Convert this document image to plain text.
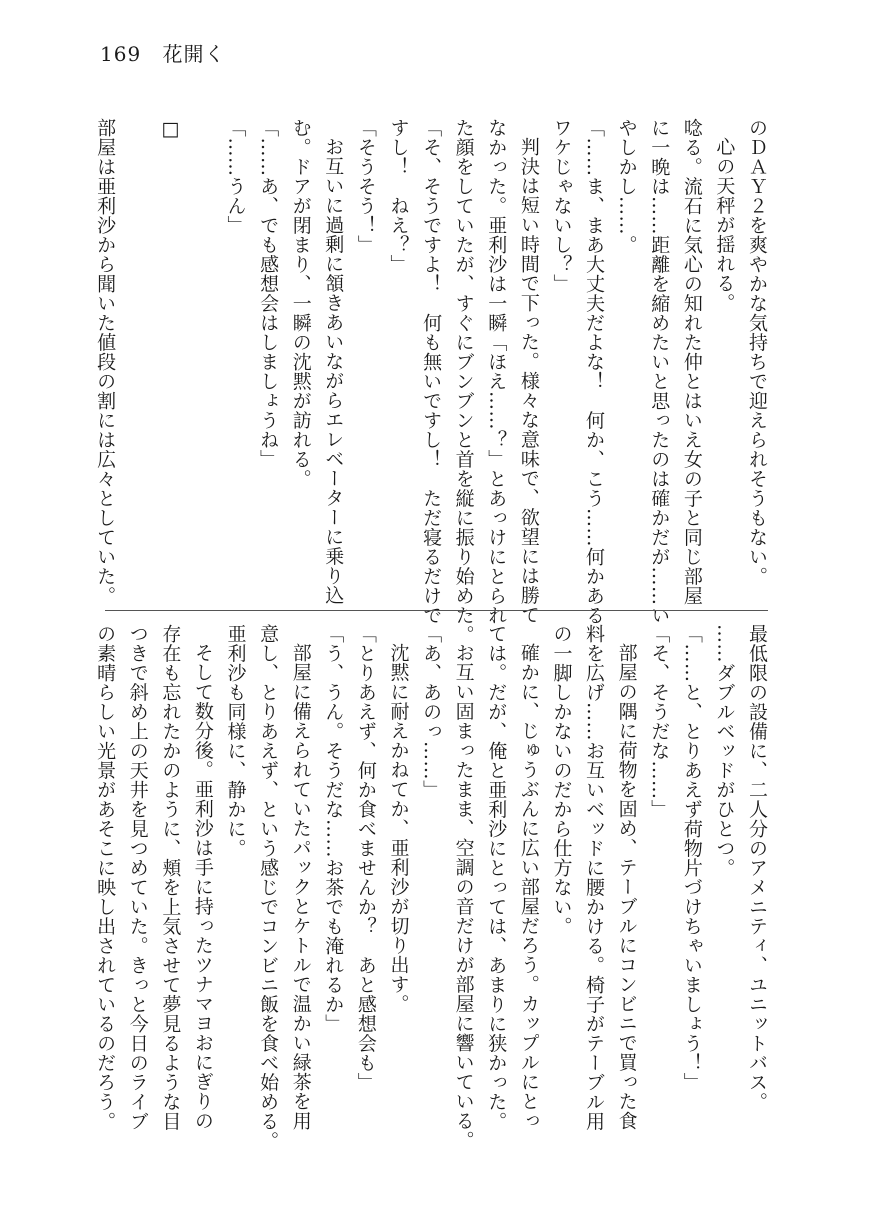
169 花開く
のＤＡＹ２を爽やかな気持ちで迎えられそうもない。
心の天秤が揺れる。
唸る。流石に気心の知れた仲とはいえ女の子と同じ部屋
に一晩は……距離を縮めたいと思ったのは確かだが……い
やしかし……。
「……ま、まあ大丈夫だよな！　何か、こう……何かある
ワケじゃないし？」
判決は短い時間で下った。様々な意味で、欲望には勝て
なかった。亜利沙は一瞬「ほえ……？」とあっけにとられ
た顔をしていたが、すぐにブンブンと首を縦に振り始めた。
「そ、そうですよ！　何も無いですし！　ただ寝るだけで
すし！　ねえ？」
「そうそう！」
お互いに過剰に頷きあいながらエレベーターに乗り込
む。ドアが閉まり、一瞬の沈黙が訪れる。
「……あ、でも感想会はしましょうね」
「……うん」

□

部屋は亜利沙から聞いた値段の割には広々としていた。
最低限の設備に、二人分のアメニティ、ユニットバス。
……ダブルベッドがひとつ。
「……と、とりあえず荷物片づけちゃいましょう！」
「そ、そうだな……」
部屋の隅に荷物を固め、テーブルにコンビニで買った食
料を広げ……お互いベッドに腰かける。椅子がテーブル用
の一脚しかないのだから仕方ない。
確かに、じゅうぶんに広い部屋だろう。カップルにとっ
ては。だが、俺と亜利沙にとっては、あまりに狭かった。
お互い固まったまま、空調の音だけが部屋に響いている。
「あ、あのっ……」
沈黙に耐えかねてか、亜利沙が切り出す。
「とりあえず、何か食べませんか？　あと感想会も」
「う、うん。そうだな……お茶でも淹れるか」
部屋に備えられていたパックとケトルで温かい緑茶を用
意し、とりあえず、という感じでコンビニ飯を食べ始める。
亜利沙も同様に、静かに。
そして数分後。亜利沙は手に持ったツナマヨおにぎりの
存在も忘れたかのように、頬を上気させて夢見るような目
つきで斜め上の天井を見つめていた。きっと今日のライブ
の素晴らしい光景があそこに映し出されているのだろう。
